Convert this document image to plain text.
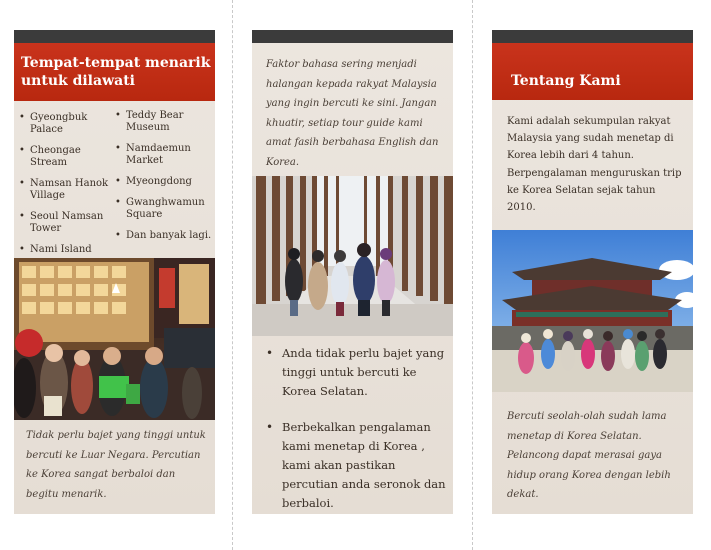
Tempat-tempat menarik untuk dilawati
• Gyeongbuk Palace
• Cheongae Stream
• Namsan Hanok Village
• Seoul Namsan Tower
• Nami Island
• Teddy Bear Museum
• Namdaemun Market
• Myeongdong
• Gwanghwamun Square
• Dan banyak lagi.
Tidak perlu bajet yang tinggi untuk bercuti ke Luar Negara. Percutian ke Korea sangat berbaloi dan begitu menarik.
Faktor bahasa sering menjadi halangan kepada rakyat Malaysia yang ingin bercuti ke sini. Jangan khuatir, setiap tour guide kami amat fasih berbahasa English dan Korea.
• Anda tidak perlu bajet yang tinggi untuk bercuti ke Korea Selatan.
• Berbekalkan pengalaman kami menetap di Korea , kami akan pastikan percutian anda seronok dan berbaloi.
Tentang Kami
Kami adalah sekumpulan rakyat Malaysia yang sudah menetap di Korea lebih dari 4 tahun. Berpengalaman menguruskan trip ke Korea Selatan sejak tahun 2010.
Bercuti seolah-olah sudah lama menetap di Korea Selatan. Pelancong dapat merasai gaya hidup orang Korea dengan lebih dekat.
